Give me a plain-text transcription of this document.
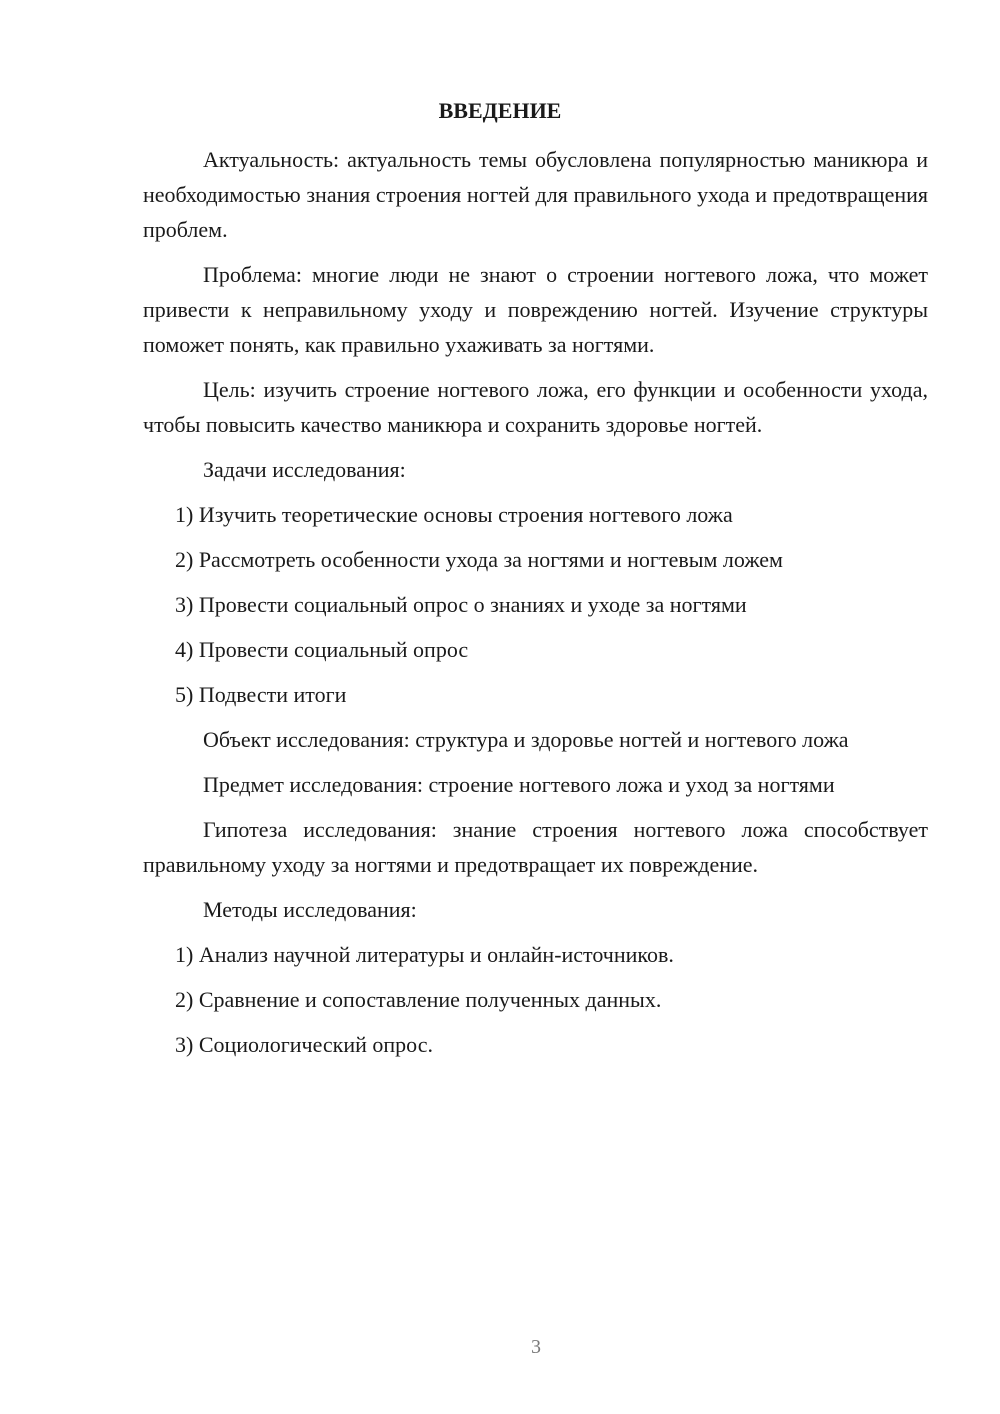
ВВЕДЕНИЕ

Актуальность: актуальность темы обусловлена популярностью маникюра и необходимостью знания строения ногтей для правильного ухода и предотвращения проблем.

Проблема: многие люди не знают о строении ногтевого ложа, что может привести к неправильному уходу и повреждению ногтей. Изучение структуры поможет понять, как правильно ухаживать за ногтями.

Цель: изучить строение ногтевого ложа, его функции и особенности ухода, чтобы повысить качество маникюра и сохранить здоровье ногтей.

Задачи исследования:

1) Изучить теоретические основы строения ногтевого ложа

2) Рассмотреть особенности ухода за ногтями и ногтевым ложем

3) Провести социальный опрос о знаниях и уходе за ногтями

4) Провести социальный опрос

5) Подвести итоги

Объект исследования: структура и здоровье ногтей и ногтевого ложа

Предмет исследования: строение ногтевого ложа и уход за ногтями

Гипотеза исследования: знание строения ногтевого ложа способствует правильному уходу за ногтями и предотвращает их повреждение.

Методы исследования:

1) Анализ научной литературы и онлайн-источников.

2) Сравнение и сопоставление полученных данных.

3) Социологический опрос.

3
